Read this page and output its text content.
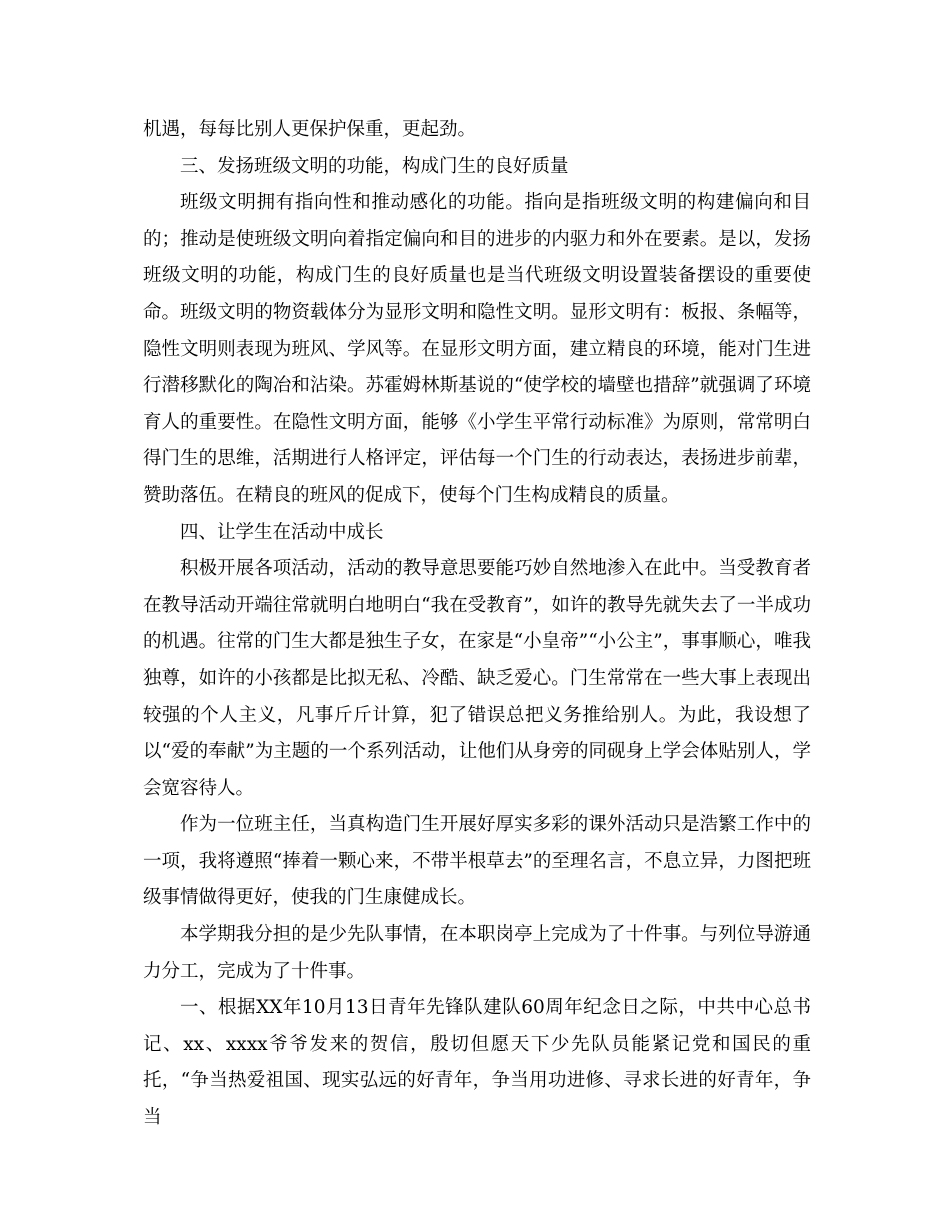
机遇，每每比别人更保护保重，更起劲。

三、发扬班级文明的功能，构成门生的良好质量

班级文明拥有指向性和推动感化的功能。指向是指班级文明的构建偏向和目的；推动是使班级文明向着指定偏向和目的进步的内驱力和外在要素。是以，发扬班级文明的功能，构成门生的良好质量也是当代班级文明设置装备摆设的重要使命。班级文明的物资载体分为显形文明和隐性文明。显形文明有：板报、条幅等，隐性文明则表现为班风、学风等。在显形文明方面，建立精良的环境，能对门生进行潜移默化的陶冶和沾染。苏霍姆林斯基说的“使学校的墙壁也措辞”就强调了环境育人的重要性。在隐性文明方面，能够《小学生平常行动标准》为原则，常常明白得门生的思维，活期进行人格评定，评估每一个门生的行动表达，表扬进步前辈，赞助落伍。在精良的班风的促成下，使每个门生构成精良的质量。

四、让学生在活动中成长

积极开展各项活动，活动的教导意思要能巧妙自然地渗入在此中。当受教育者在教导活动开端往常就明白地明白“我在受教育”，如许的教导先就失去了一半成功的机遇。往常的门生大都是独生子女，在家是“小皇帝”“小公主”，事事顺心，唯我独尊，如许的小孩都是比拟无私、冷酷、缺乏爱心。门生常常在一些大事上表现出较强的个人主义，凡事斤斤计算，犯了错误总把义务推给别人。为此，我设想了以“爱的奉献”为主题的一个系列活动，让他们从身旁的同砚身上学会体贴别人，学会宽容待人。

作为一位班主任，当真构造门生开展好厚实多彩的课外活动只是浩繁工作中的一项，我将遵照“捧着一颗心来，不带半根草去”的至理名言，不息立异，力图把班级事情做得更好，使我的门生康健成长。

本学期我分担的是少先队事情，在本职岗亭上完成为了十件事。与列位导游通力分工，完成为了十件事。

一、根据XX年10月13日青年先锋队建队60周年纪念日之际，中共中心总书记、xx、xxxx爷爷发来的贺信，殷切但愿天下少先队员能紧记党和国民的重托，“争当热爱祖国、现实弘远的好青年，争当用功进修、寻求长进的好青年，争当
